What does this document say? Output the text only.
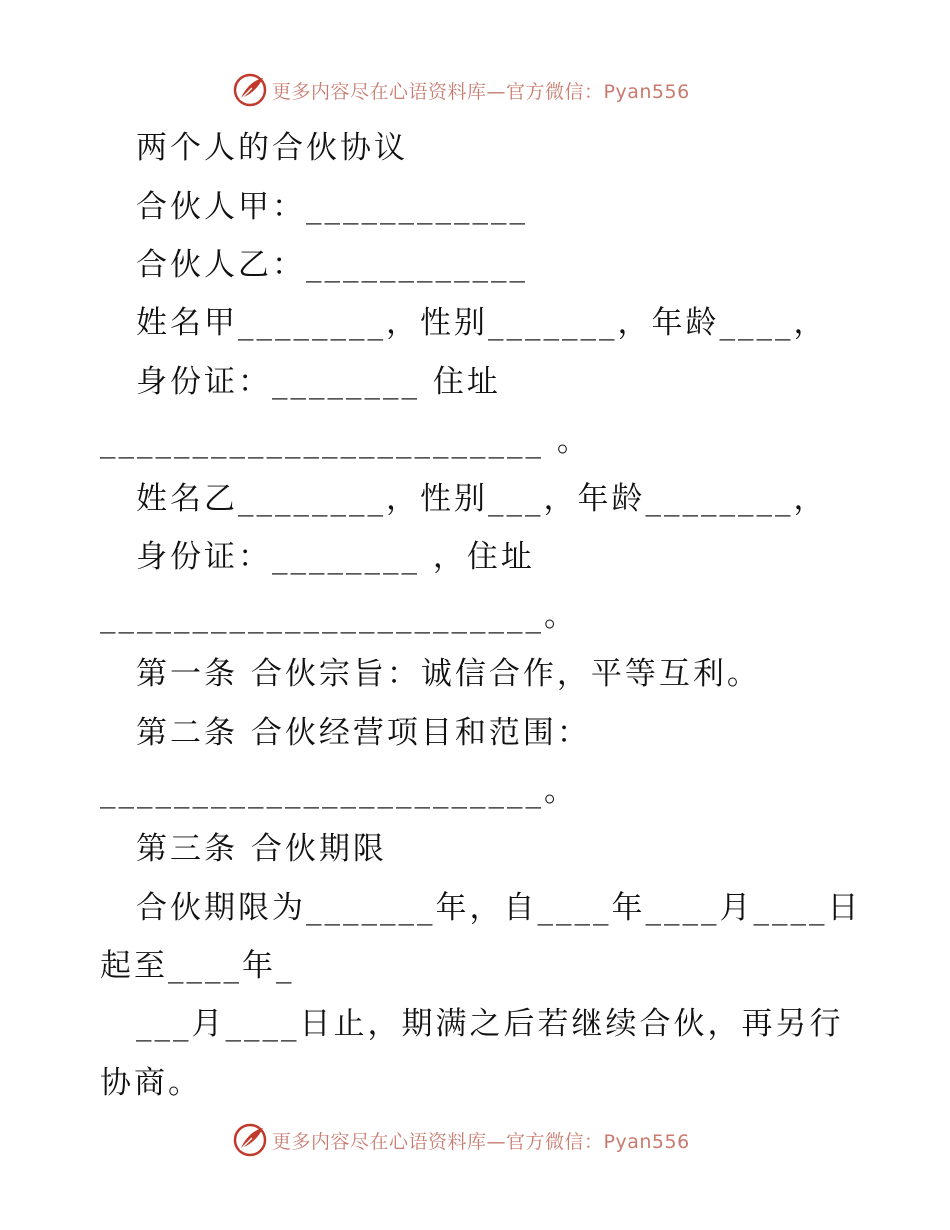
更多内容尽在心语资料库—官方微信：Pyan556
两个人的合伙协议
合伙人甲：____________
合伙人乙：____________
姓名甲________，性别_______，年龄____，
身份证：________ 住址
________________________ 。
姓名乙________，性别___，年龄________，
身份证：________ ，住址
________________________。
第一条 合伙宗旨：诚信合作，平等互利。
第二条 合伙经营项目和范围：
________________________。
第三条 合伙期限
合伙期限为_______年，自____年____月____日
起至____年_
___月____日止，期满之后若继续合伙，再另行
协商。
更多内容尽在心语资料库—官方微信：Pyan556
